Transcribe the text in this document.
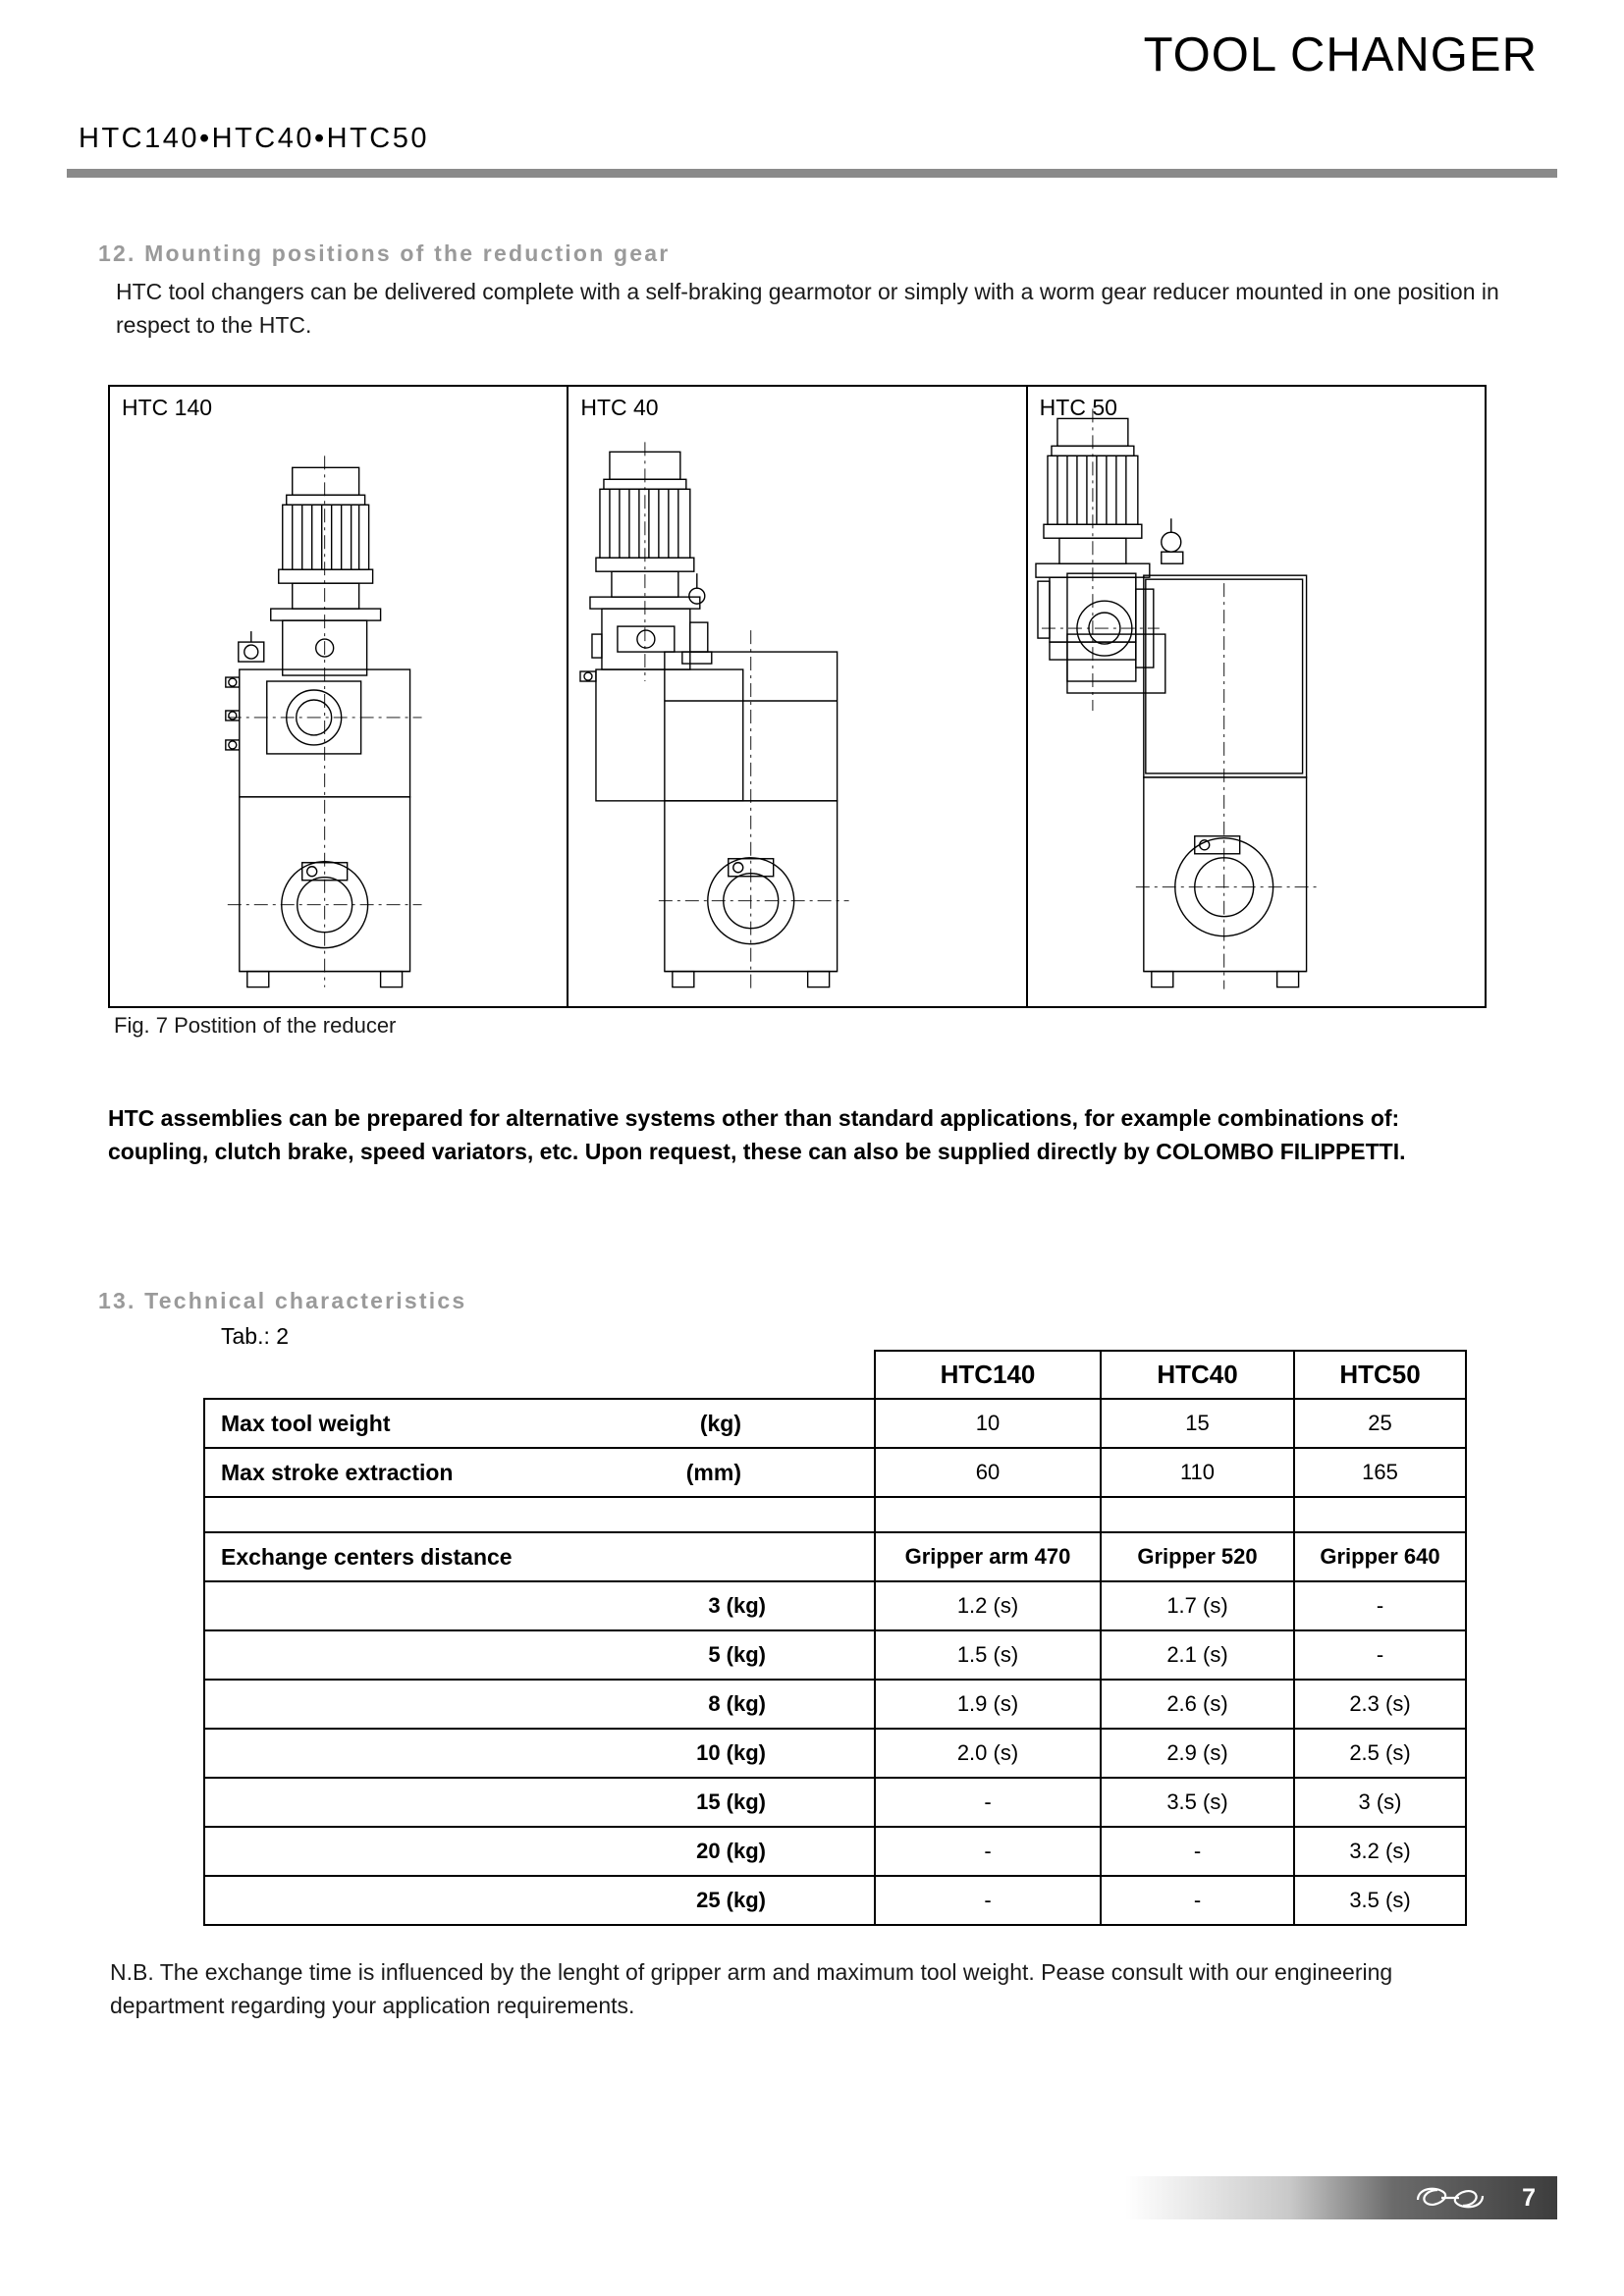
TOOL CHANGER
HTC140•HTC40•HTC50
12. Mounting positions of the reduction gear
HTC tool changers can be delivered complete with a self-braking gearmotor or simply with a worm gear reducer mounted in one position in respect to the HTC.
HTC 140	HTC 40	HTC 50
Fig. 7 Postition of the reducer
HTC assemblies can be prepared for alternative systems other than standard applications, for example combinations of: coupling, clutch brake, speed variators, etc. Upon request, these can also be supplied directly by COLOMBO FILIPPETTI.
13. Technical characteristics
Tab.: 2
	HTC140	HTC40	HTC50
Max tool weight (kg)	10	15	25
Max stroke extraction (mm)	60	110	165

Exchange centers distance	Gripper arm 470	Gripper 520	Gripper 640
3 (kg)	1.2 (s)	1.7 (s)	-
5 (kg)	1.5 (s)	2.1 (s)	-
8 (kg)	1.9 (s)	2.6 (s)	2.3 (s)
10 (kg)	2.0 (s)	2.9 (s)	2.5 (s)
15 (kg)	-	3.5 (s)	3 (s)
20 (kg)	-	-	3.2 (s)
25 (kg)	-	-	3.5 (s)
N.B. The exchange time is influenced by the lenght of gripper arm and maximum tool weight. Pease consult with our engineering department regarding your application requirements.
7
